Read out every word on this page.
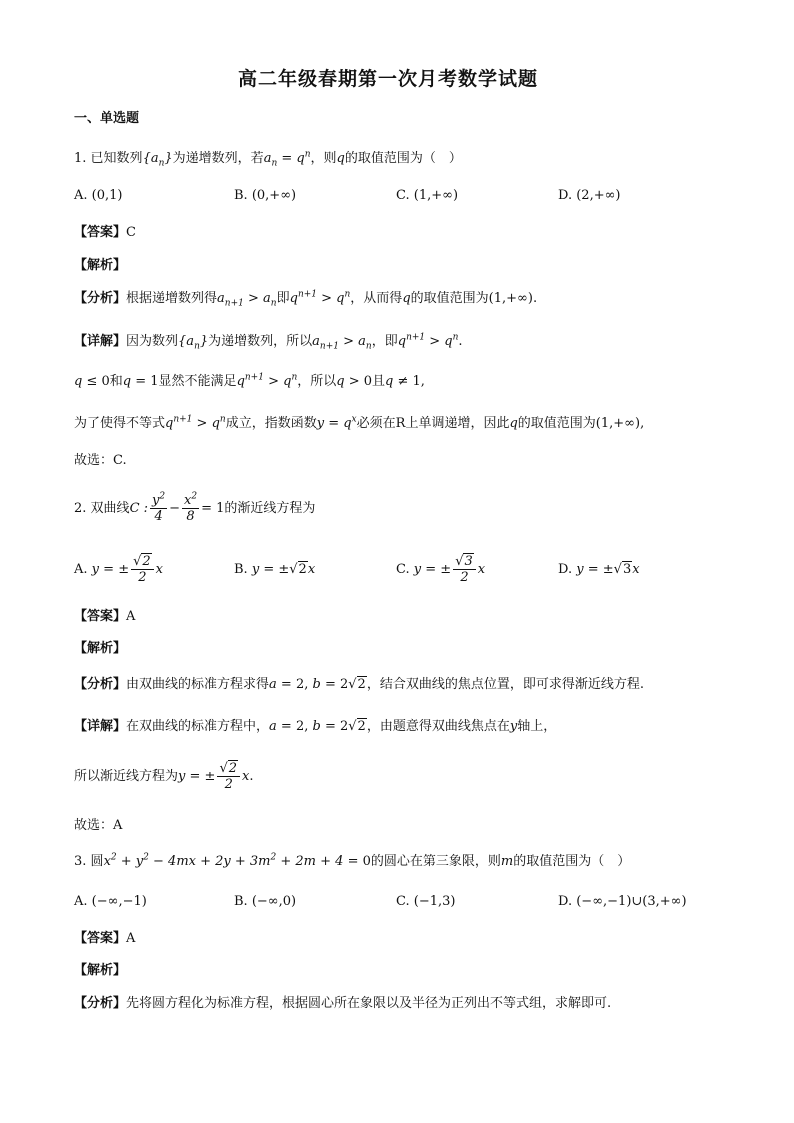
高二年级春期第一次月考数学试题
一、单选题
1. 已知数列$\{a_n\}$为递增数列，若$a_n = q^n$，则q的取值范围为（　）
A. (0,1)	B. (0,+∞)	C. (1,+∞)	D. (2,+∞)
【答案】C
【解析】
【分析】根据递增数列得$a_{n+1} > a_n$即$q^{n+1} > q^n$，从而得q的取值范围为(1,+∞).
【详解】因为数列$\{a_n\}$为递增数列，所以$a_{n+1} > a_n$，即$q^{n+1} > q^n$.
q ≤ 0和q = 1显然不能满足$q^{n+1} > q^n$，所以q > 0且q ≠ 1,
为了使得不等式$q^{n+1} > q^n$成立，指数函数$y = q^x$必须在R上单调递增，因此q的取值范围为(1,+∞),
故选：C.
2. 双曲线C : $\frac{y^2}{4} - \frac{x^2}{8} = 1$的渐近线方程为
A. y = ± $\frac{√2}{2}$ x	B. y = ±√2x	C. y = ± $\frac{√3}{2}$ x	D. y = ±√3x
【答案】A
【解析】
【分析】由双曲线的标准方程求得a = 2, b = 2√2，结合双曲线的焦点位置，即可求得渐近线方程.
【详解】在双曲线的标准方程中，a = 2, b = 2√2，由题意得双曲线焦点在y轴上，
所以渐近线方程为y = ± $\frac{√2}{2} x$.
故选：A
3. 圆$x^2 + y^2 - 4mx + 2y + 3m^2 + 2m + 4 = 0$的圆心在第三象限，则m的取值范围为（　）
A. (−∞,−1)	B. (−∞,0)	C. (−1,3)	D. (−∞,−1)∪(3,+∞)
【答案】A
【解析】
【分析】先将圆方程化为标准方程，根据圆心所在象限以及半径为正列出不等式组，求解即可.
